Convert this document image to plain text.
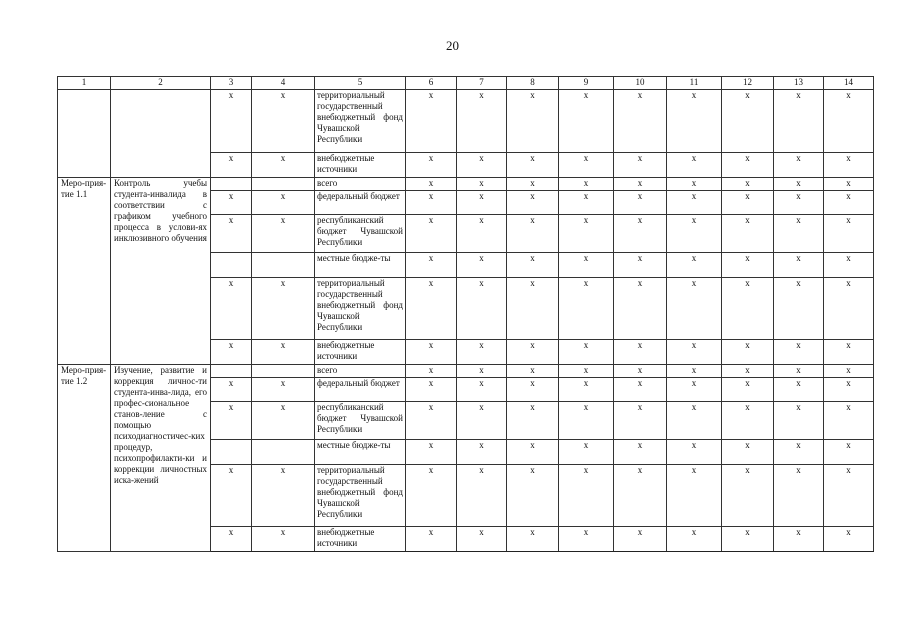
20
1	2	3	4	5	6	7	8	9	10	11	12	13	14
		x	x	территориальный государственный внебюджетный фонд Чувашской Республики	x	x	x	x	x	x	x	x	x
		x	x	внебюджетные источники	x	x	x	x	x	x	x	x	x
Меро-прия-тие 1.1	Контроль учебы студента-инвалида в соответствии с графиком учебного процесса в услови-ях инклюзивного обучения			всего	x	x	x	x	x	x	x	x	x
		x	x	федеральный бюджет	x	x	x	x	x	x	x	x	x
		x	x	республиканский бюджет Чувашской Республики	x	x	x	x	x	x	x	x	x
				местные бюдже-ты	x	x	x	x	x	x	x	x	x
		x	x	территориальный государственный внебюджетный фонд Чувашской Республики	x	x	x	x	x	x	x	x	x
		x	x	внебюджетные источники	x	x	x	x	x	x	x	x	x
Меро-прия-тие 1.2	Изучение, развитие и коррекция личнос-ти студента-инва-лида, его профес-сиональное станов-ление с помощью психодиагностичес-ких процедур, психопрофилакти-ки и коррекции личностных иска-жений			всего	x	x	x	x	x	x	x	x	x
		x	x	федеральный бюджет	x	x	x	x	x	x	x	x	x
		x	x	республиканский бюджет Чувашской Республики	x	x	x	x	x	x	x	x	x
				местные бюдже-ты	x	x	x	x	x	x	x	x	x
		x	x	территориальный государственный внебюджетный фонд Чувашской Республики	x	x	x	x	x	x	x	x	x
		x	x	внебюджетные источники	x	x	x	x	x	x	x	x	x
